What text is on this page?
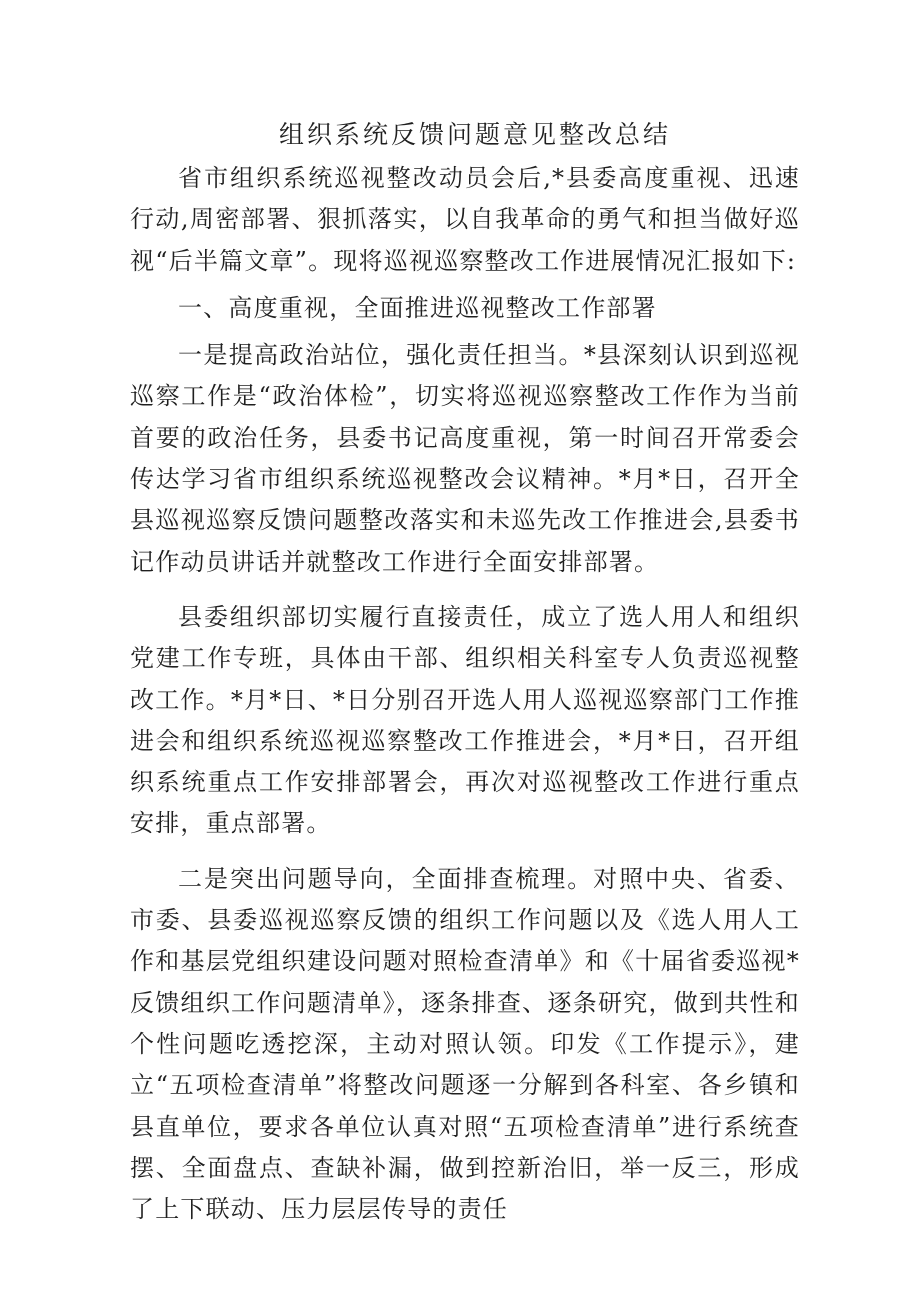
组织系统反馈问题意见整改总结

省市组织系统巡视整改动员会后,*县委高度重视、迅速行动,周密部署、狠抓落实，以自我革命的勇气和担当做好巡视“后半篇文章”。现将巡视巡察整改工作进展情况汇报如下:

一、高度重视，全面推进巡视整改工作部署

一是提高政治站位，强化责任担当。*县深刻认识到巡视巡察工作是“政治体检”，切实将巡视巡察整改工作作为当前首要的政治任务，县委书记高度重视，第一时间召开常委会传达学习省市组织系统巡视整改会议精神。*月*日，召开全县巡视巡察反馈问题整改落实和未巡先改工作推进会,县委书记作动员讲话并就整改工作进行全面安排部署。

县委组织部切实履行直接责任，成立了选人用人和组织党建工作专班，具体由干部、组织相关科室专人负责巡视整改工作。*月*日、*日分别召开选人用人巡视巡察部门工作推进会和组织系统巡视巡察整改工作推进会，*月*日，召开组织系统重点工作安排部署会，再次对巡视整改工作进行重点安排，重点部署。

二是突出问题导向，全面排查梳理。对照中央、省委、市委、县委巡视巡察反馈的组织工作问题以及《选人用人工作和基层党组织建设问题对照检查清单》和《十届省委巡视*反馈组织工作问题清单》，逐条排查、逐条研究，做到共性和个性问题吃透挖深，主动对照认领。印发《工作提示》，建立“五项检查清单”将整改问题逐一分解到各科室、各乡镇和县直单位，要求各单位认真对照“五项检查清单”进行系统查摆、全面盘点、查缺补漏，做到控新治旧，举一反三，形成了上下联动、压力层层传导的责任
